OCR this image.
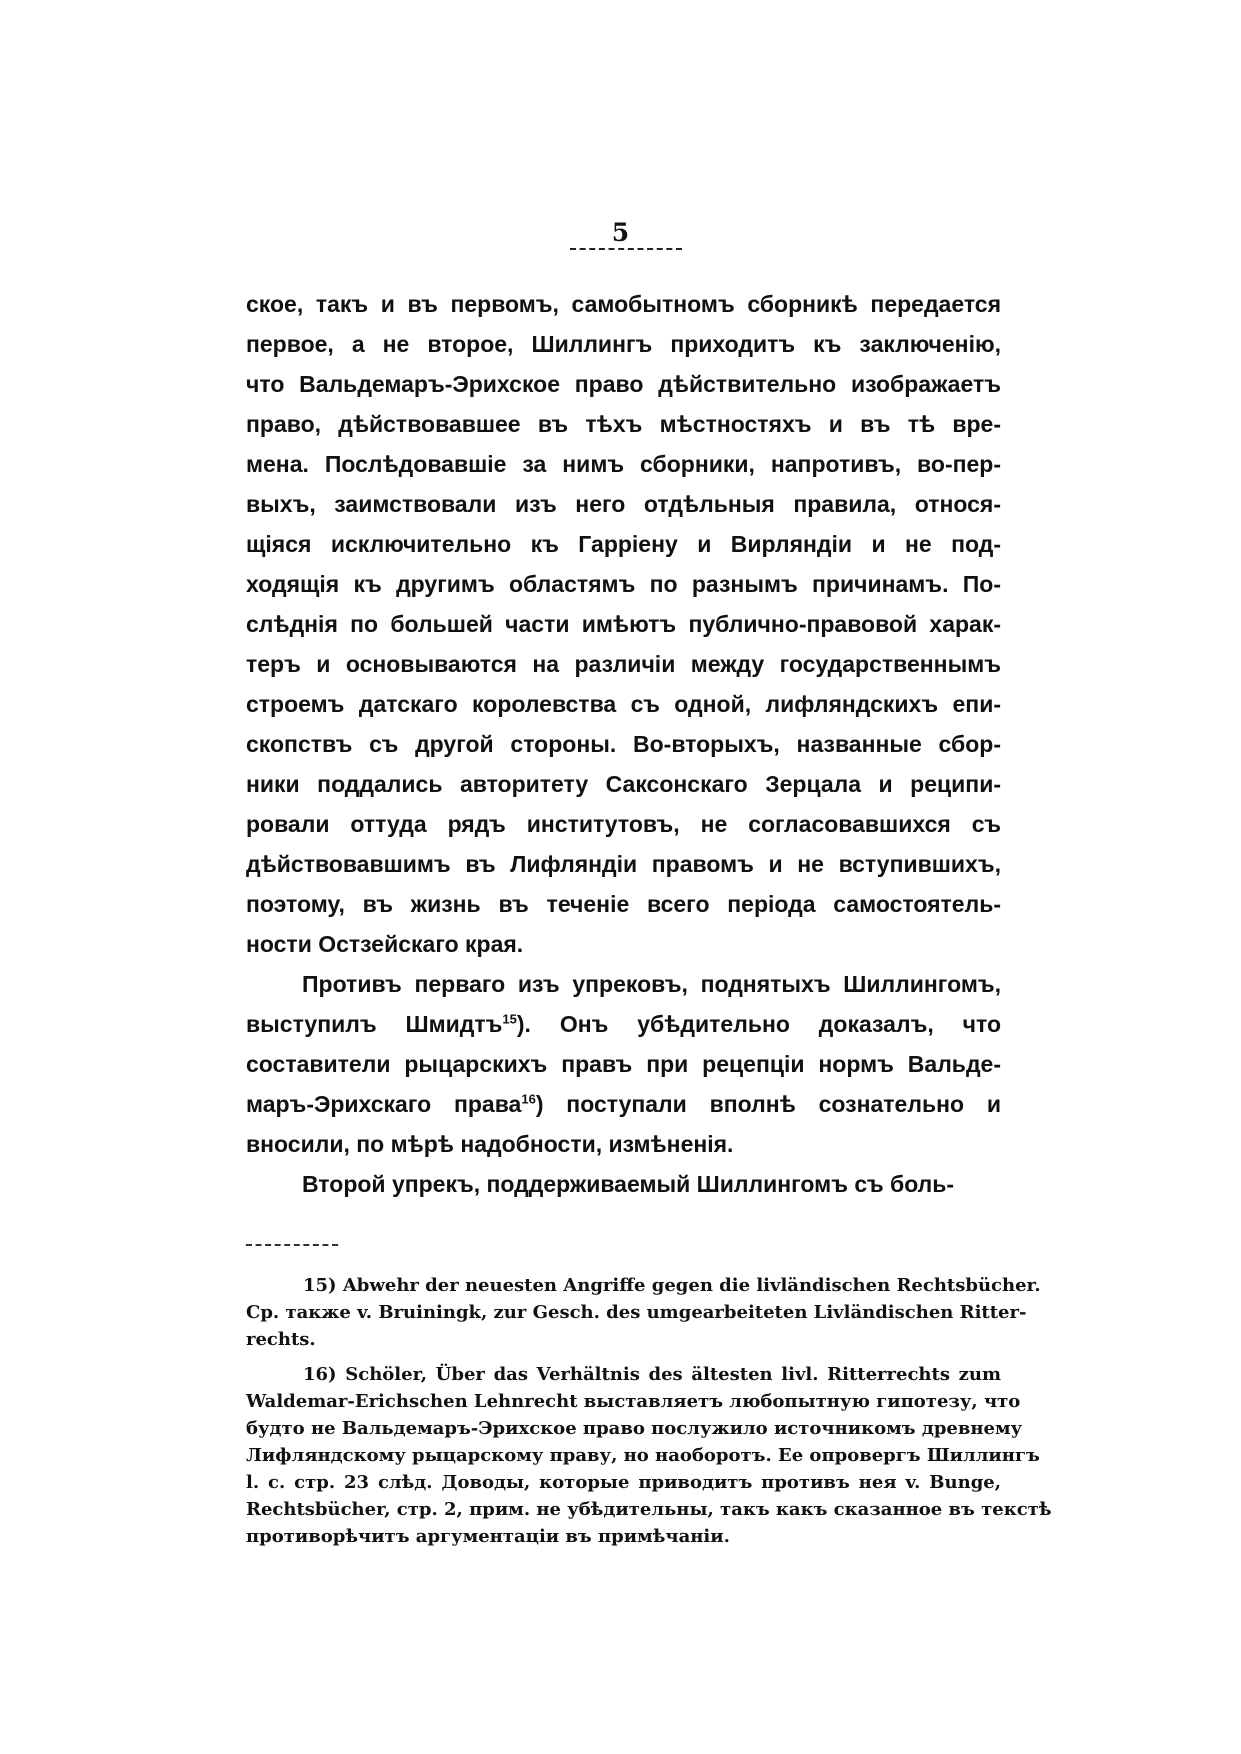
5
ское, такъ и въ первомъ, самобытномъ сборникѣ передается
первое, а не второе, Шиллингъ приходитъ къ заключенію,
что Вальдемаръ-Эрихское право дѣйствительно изображаетъ
право, дѣйствовавшее въ тѣхъ мѣстностяхъ и въ тѣ вре-
мена. Послѣдовавшіе за нимъ сборники, напротивъ, во-пер-
выхъ, заимствовали изъ него отдѣльныя правила, относя-
щіяся исключительно къ Гарріену и Вирляндіи и не под-
ходящія къ другимъ областямъ по разнымъ причинамъ. По-
слѣднія по большей части имѣютъ публично-правовой харак-
теръ и основываются на различіи между государственнымъ
строемъ датскаго королевства съ одной, лифляндскихъ епи-
скопствъ съ другой стороны. Во-вторыхъ, названные сбор-
ники поддались авторитету Саксонскаго Зерцала и реципи-
ровали оттуда рядъ институтовъ, не согласовавшихся съ
дѣйствовавшимъ въ Лифляндіи правомъ и не вступившихъ,
поэтому, въ жизнь въ теченіе всего періода самостоятель-
ности Остзейскаго края.
Противъ перваго изъ упрековъ, поднятыхъ Шиллингомъ,
выступилъ Шмидтъ$^{15}$). Онъ убѣдительно доказалъ, что
составители рыцарскихъ правъ при рецепціи нормъ Вальде-
маръ-Эрихскаго права$^{16}$) поступали вполнѣ сознательно и
вносили, по мѣрѣ надобности, измѣненія.
Второй упрекъ, поддерживаемый Шиллингомъ съ боль-
15) Abwehr der neuesten Angriffe gegen die livländischen Rechtsbücher.
Ср. также v. Bruiningk, zur Gesch. des umgearbeiteten Livländischen Ritter-
rechts.
16) Schöler, Über das Verhältnis des ältesten livl. Ritterrechts zum
Waldemar-Erichschen Lehnrecht выставляетъ любопытную гипотезу, что
будто не Вальдемаръ-Эрихское право послужило источникомъ древнему
Лифляндскому рыцарскому праву, но наоборотъ. Ее опровергъ Шиллингъ
l. c. стр. 23 слѣд. Доводы, которые приводитъ противъ нея v. Bunge,
Rechtsbücher, стр. 2, прим. не убѣдительны, такъ какъ сказанное въ текстѣ
противорѣчитъ аргументаціи въ примѣчаніи.
